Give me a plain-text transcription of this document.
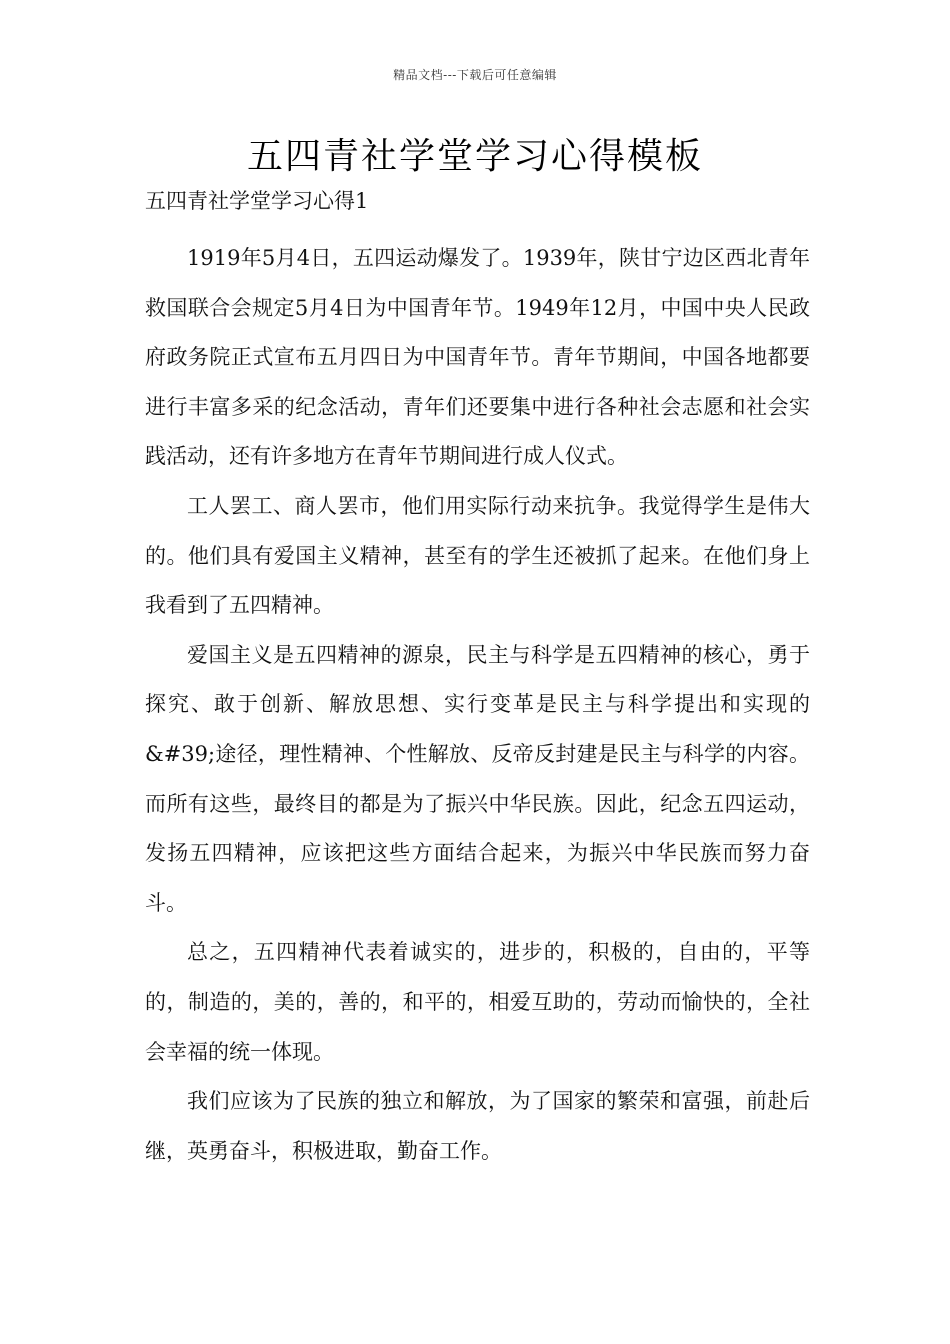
精品文档---下载后可任意编辑
五四青社学堂学习心得模板
五四青社学堂学习心得1

1919年5月4日，五四运动爆发了。1939年，陕甘宁边区西北青年救国联合会规定5月4日为中国青年节。1949年12月，中国中央人民政府政务院正式宣布五月四日为中国青年节。青年节期间，中国各地都要进行丰富多采的纪念活动，青年们还要集中进行各种社会志愿和社会实践活动，还有许多地方在青年节期间进行成人仪式。

工人罢工、商人罢市，他们用实际行动来抗争。我觉得学生是伟大的。他们具有爱国主义精神，甚至有的学生还被抓了起来。在他们身上我看到了五四精神。

爱国主义是五四精神的源泉，民主与科学是五四精神的核心，勇于探究、敢于创新、解放思想、实行变革是民主与科学提出和实现的&#39;途径，理性精神、个性解放、反帝反封建是民主与科学的内容。而所有这些，最终目的都是为了振兴中华民族。因此，纪念五四运动，发扬五四精神，应该把这些方面结合起来，为振兴中华民族而努力奋斗。

总之，五四精神代表着诚实的，进步的，积极的，自由的，平等的，制造的，美的，善的，和平的，相爱互助的，劳动而愉快的，全社会幸福的统一体现。

我们应该为了民族的独立和解放，为了国家的繁荣和富强，前赴后继，英勇奋斗，积极进取，勤奋工作。
